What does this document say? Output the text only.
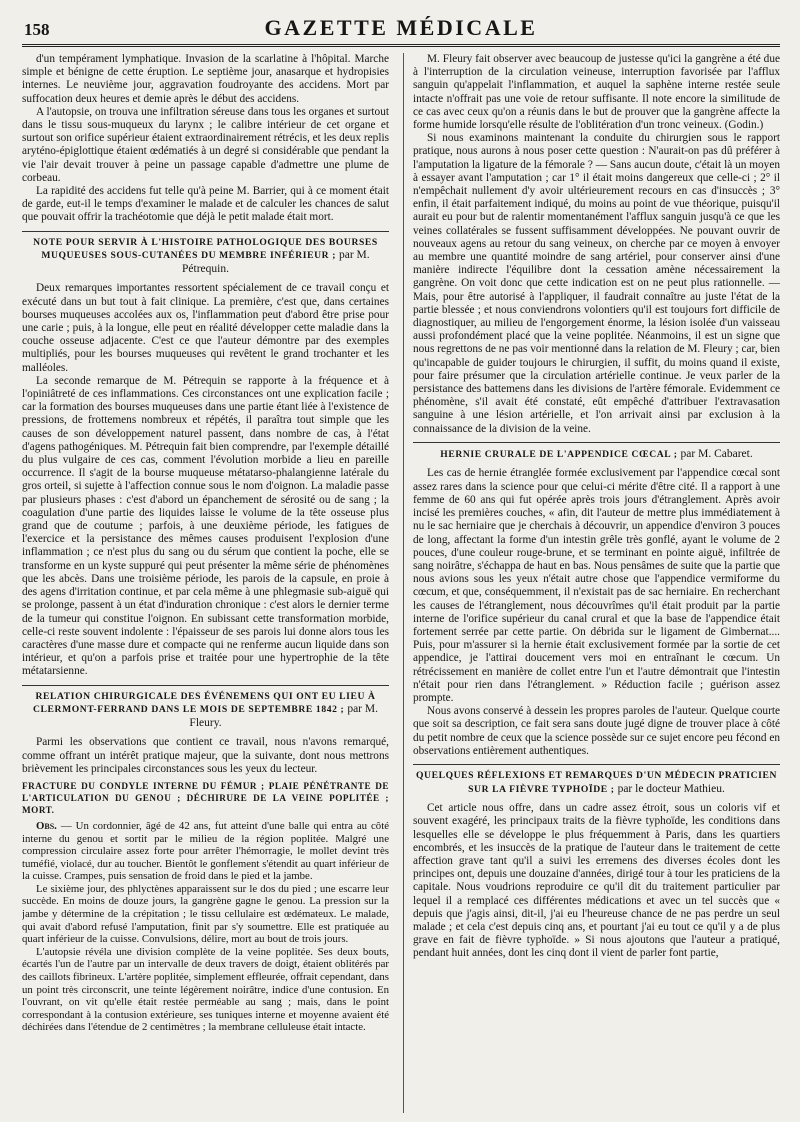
158	GAZETTE MÉDICALE

d'un tempérament lymphatique. Invasion de la scarlatine à l'hôpital. Marche simple et bénigne de cette éruption. Le septième jour, anasarque et hydropisies internes. Le neuvième jour, aggravation foudroyante des accidens. Mort par suffocation deux heures et demie après le début des accidens.

A l'autopsie, on trouva une infiltration séreuse dans tous les organes et surtout dans le tissu sous-muqueux du larynx ; le calibre intérieur de cet organe et surtout son orifice supérieur étaient extraordinairement rétrécis, et les deux replis aryténo-épiglottique étaient œdématiés à un degré si considérable que pendant la vie l'air devait trouver à peine un passage capable d'admettre une plume de corbeau.

La rapidité des accidens fut telle qu'à peine M. Barrier, qui à ce moment était de garde, eut-il le temps d'examiner le malade et de calculer les chances de salut que pouvait offrir la trachéotomie que déjà le petit malade était mort.

NOTE POUR SERVIR À L'HISTOIRE PATHOLOGIQUE DES BOURSES MUQUEUSES SOUS-CUTANÉES DU MEMBRE INFÉRIEUR ; par M. Pétrequin.

Deux remarques importantes ressortent spécialement de ce travail conçu et exécuté dans un but tout à fait clinique. La première, c'est que, dans certaines bourses muqueuses accolées aux os, l'inflammation peut d'abord être prise pour une carie ; puis, à la longue, elle peut en réalité développer cette maladie dans la couche osseuse adjacente. C'est ce que l'auteur démontre par des exemples multipliés, pour les bourses muqueuses qui revêtent le grand trochanter et les malléoles.

La seconde remarque de M. Pétrequin se rapporte à la fréquence et à l'opiniâtreté de ces inflammations. Ces circonstances ont une explication facile ; car la formation des bourses muqueuses dans une partie étant liée à l'existence de pressions, de frottemens nombreux et répétés, il paraîtra tout simple que les causes de son développement naturel passent, dans nombre de cas, à l'état d'agens pathogéniques. M. Pétrequin fait bien comprendre, par l'exemple détaillé du plus vulgaire de ces cas, comment l'évolution morbide a lieu en pareille occurrence. Il s'agit de la bourse muqueuse métatarso-phalangienne latérale du gros orteil, si sujette à l'affection connue sous le nom d'oignon. La maladie passe par plusieurs phases : c'est d'abord un épanchement de sérosité ou de sang ; la coagulation d'une partie des liquides laisse le volume de la tête osseuse plus grand que de coutume ; parfois, à une deuxième période, les fatigues de l'exercice et la persistance des mêmes causes produisent l'explosion d'une inflammation ; ce n'est plus du sang ou du sérum que contient la poche, elle se transforme en un kyste suppuré qui peut présenter la même série de phénomènes que les abcès. Dans une troisième période, les parois de la capsule, en proie à des agens d'irritation continue, et par cela même à une phlegmasie sub-aiguë qui se prolonge, passent à un état d'induration chronique : c'est alors le dernier terme de la tumeur qui constitue l'oignon. En subissant cette transformation morbide, celle-ci reste souvent indolente : l'épaisseur de ses parois lui donne alors tous les caractères d'une masse dure et compacte qui ne renferme aucun liquide dans son intérieur, et qu'on a parfois prise et traitée pour une hypertrophie de la tête métatarsienne.

RELATION CHIRURGICALE DES ÉVÉNEMENS QUI ONT EU LIEU À CLERMONT-FERRAND DANS LE MOIS DE SEPTEMBRE 1842 ; par M. Fleury.

Parmi les observations que contient ce travail, nous n'avons remarqué, comme offrant un intérêt pratique majeur, que la suivante, dont nous mettrons brièvement les principales circonstances sous les yeux du lecteur.

FRACTURE DU CONDYLE INTERNE DU FÉMUR ; PLAIE PÉNÉTRANTE DE L'ARTICULATION DU GENOU ; DÉCHIRURE DE LA VEINE POPLITÉE ; MORT.

Obs. — Un cordonnier, âgé de 42 ans, fut atteint d'une balle qui entra au côté interne du genou et sortit par le milieu de la région poplitée. Malgré une compression circulaire assez forte pour arrêter l'hémorragie, le mollet devint très tuméfié, violacé, dur au toucher. Bientôt le gonflement s'étendit au quart inférieur de la cuisse. Crampes, puis sensation de froid dans le pied et la jambe.

Le sixième jour, des phlyctènes apparaissent sur le dos du pied ; une escarre leur succède. En moins de douze jours, la gangrène gagne le genou. La pression sur la jambe y détermine de la crépitation ; le tissu cellulaire est œdémateux. Le malade, qui avait d'abord refusé l'amputation, finit par s'y soumettre. Elle est pratiquée au quart inférieur de la cuisse. Convulsions, délire, mort au bout de trois jours.

L'autopsie révéla une division complète de la veine poplitée. Ses deux bouts, écartés l'un de l'autre par un intervalle de deux travers de doigt, étaient oblitérés par des caillots fibrineux. L'artère poplitée, simplement effleurée, offrait cependant, dans un point très circonscrit, une teinte légèrement noirâtre, indice d'une contusion. En l'ouvrant, on vit qu'elle était restée perméable au sang ; mais, dans le point correspondant à la contusion extérieure, ses tuniques interne et moyenne avaient été déchirées dans l'étendue de 2 centimètres ; la membrane celluleuse était intacte.

M. Fleury fait observer avec beaucoup de justesse qu'ici la gangrène a été due à l'interruption de la circulation veineuse, interruption favorisée par l'afflux sanguin qu'appelait l'inflammation, et auquel la saphène interne restée seule intacte n'offrait pas une voie de retour suffisante. Il note encore la similitude de ce cas avec ceux qu'on a réunis dans le but de prouver que la gangrène affecte la forme humide lorsqu'elle résulte de l'oblitération d'un tronc veineux. (Godin.)

Si nous examinons maintenant la conduite du chirurgien sous le rapport pratique, nous aurons à nous poser cette question : N'aurait-on pas dû préférer à l'amputation la ligature de la fémorale ? — Sans aucun doute, c'était là un moyen à essayer avant l'amputation ; car 1° il était moins dangereux que celle-ci ; 2° il n'empêchait nullement d'y avoir ultérieurement recours en cas d'insuccès ; 3° enfin, il était parfaitement indiqué, du moins au point de vue théorique, puisqu'il aurait eu pour but de ralentir momentanément l'afflux sanguin jusqu'à ce que les veines collatérales se fussent suffisamment développées. Ne pouvant ouvrir de nouveaux agens au retour du sang veineux, on cherche par ce moyen à envoyer au membre une quantité moindre de sang artériel, pour conserver ainsi d'une manière indirecte l'équilibre dont la cessation amène nécessairement la gangrène. On voit donc que cette indication est on ne peut plus rationnelle. — Mais, pour être autorisé à l'appliquer, il faudrait connaître au juste l'état de la partie blessée ; et nous conviendrons volontiers qu'il est toujours fort difficile de diagnostiquer, au milieu de l'engorgement énorme, la lésion isolée d'un vaisseau aussi profondément placé que la veine poplitée. Néanmoins, il est un signe que nous regrettons de ne pas voir mentionné dans la relation de M. Fleury ; car, bien qu'incapable de guider toujours le chirurgien, il suffit, du moins quand il existe, pour faire présumer que la circulation artérielle continue. Je veux parler de la persistance des battemens dans les divisions de l'artère fémorale. Evidemment ce phénomène, s'il avait été constaté, eût empêché d'attribuer l'extravasation sanguine à une lésion artérielle, et l'on arrivait ainsi par exclusion à la connaissance de la division de la veine.

HERNIE CRURALE DE L'APPENDICE CŒCAL ; par M. Cabaret.

Les cas de hernie étranglée formée exclusivement par l'appendice cœcal sont assez rares dans la science pour que celui-ci mérite d'être cité. Il a rapport à une femme de 60 ans qui fut opérée après trois jours d'étranglement. Après avoir incisé les premières couches, « afin, dit l'auteur de mettre plus immédiatement à nu le sac herniaire que je cherchais à découvrir, un appendice d'environ 3 pouces de long, affectant la forme d'un intestin grêle très gonflé, ayant le volume de 2 pouces, d'une couleur rouge-brune, et se terminant en pointe aiguë, infiltrée de sang noirâtre, s'échappa de haut en bas. Nous pensâmes de suite que la partie que nous avions sous les yeux n'était autre chose que l'appendice vermiforme du cœcum, et que, conséquemment, il n'existait pas de sac herniaire. En recherchant les causes de l'étranglement, nous découvrîmes qu'il était produit par la partie interne de l'orifice supérieur du canal crural et que la base de l'appendice était fortement serrée par cette partie. On débrida sur le ligament de Gimbernat.... Puis, pour m'assurer si la hernie était exclusivement formée par la sortie de cet appendice, je l'attirai doucement vers moi en entraînant le cœcum. Un rétrécissement en manière de collet entre l'un et l'autre démontrait que l'intestin n'était pour rien dans l'étranglement. » Réduction facile ; guérison assez prompte.

Nous avons conservé à dessein les propres paroles de l'auteur. Quelque courte que soit sa description, ce fait sera sans doute jugé digne de trouver place à côté du petit nombre de ceux que la science possède sur ce sujet encore peu fécond en observations entièrement authentiques.

QUELQUES RÉFLEXIONS ET REMARQUES D'UN MÉDECIN PRATICIEN SUR LA FIÈVRE TYPHOÏDE ; par le docteur Mathieu.

Cet article nous offre, dans un cadre assez étroit, sous un coloris vif et souvent exagéré, les principaux traits de la fièvre typhoïde, les conditions dans lesquelles elle se développe le plus fréquemment à Paris, dans les quartiers encombrés, et les insuccès de la pratique de l'auteur dans le traitement de cette affection grave tant qu'il a suivi les erremens des diverses écoles dont les principes ont, depuis une douzaine d'années, dirigé tour à tour les praticiens de la capitale. Nous voudrions reproduire ce qu'il dit du traitement particulier par lequel il a remplacé ces différentes médications et avec un tel succès que « depuis que j'agis ainsi, dit-il, j'ai eu l'heureuse chance de ne pas perdre un seul malade ; et cela c'est depuis cinq ans, et pourtant j'ai eu tout ce qu'il y a de plus grave en fait de fièvre typhoïde. » Si nous ajoutons que l'auteur a pratiqué, pendant huit années, dont les cinq dont il vient de parler font partie,
